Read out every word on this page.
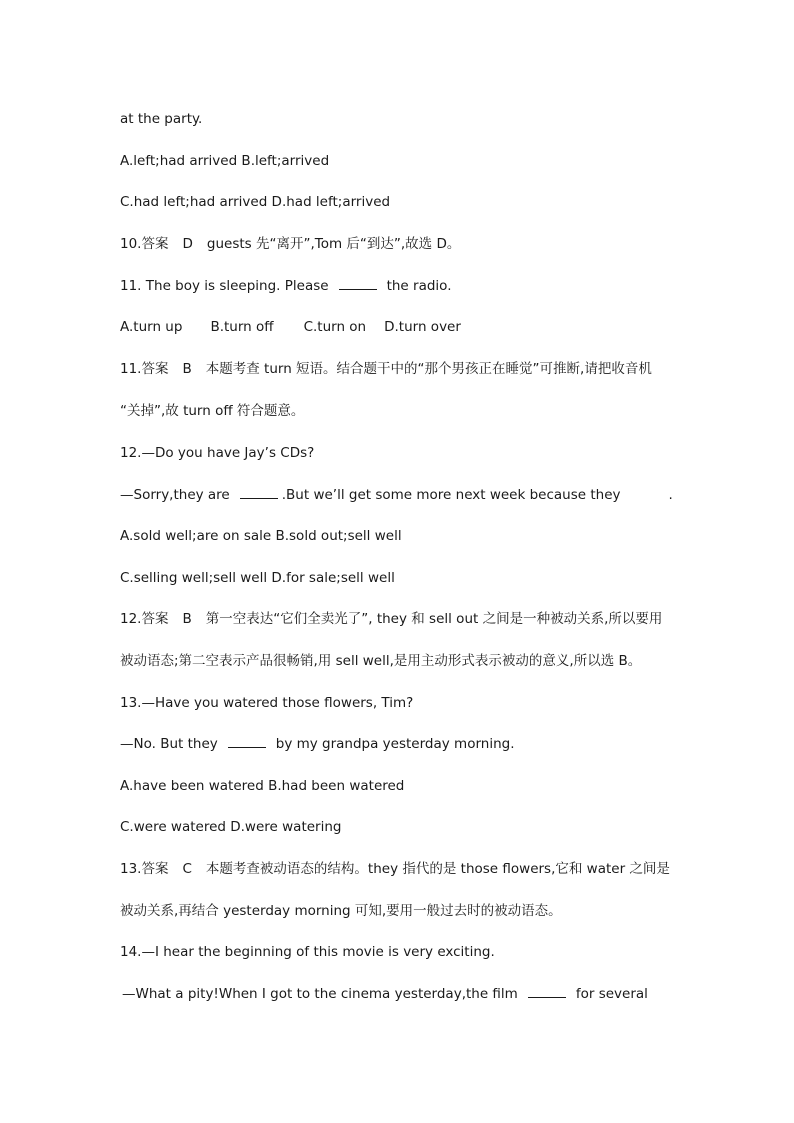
at the party.
A.left;had arrived B.left;arrived
C.had left;had arrived D.had left;arrived
10.答案 D guests 先“离开”,Tom 后“到达”,故选 D。
11. The boy is sleeping. Please	the radio.
A.turn up B.turn off C.turn on D.turn over
11.答案 B 本题考查 turn 短语。结合题干中的“那个男孩正在睡觉”可推断,请把收音机
“关掉”,故 turn off 符合题意。
12.—Do you have Jay’s CDs?
—Sorry,they are	.But we’ll get some more next week because they	.
A.sold well;are on sale B.sold out;sell well
C.selling well;sell well D.for sale;sell well
12.答案 B 第一空表达“它们全卖光了”, they 和 sell out 之间是一种被动关系,所以要用
被动语态;第二空表示产品很畅销,用 sell well,是用主动形式表示被动的意义,所以选 B。
13.—Have you watered those flowers, Tim?
—No. But they	by my grandpa yesterday morning.
A.have been watered B.had been watered
C.were watered D.were watering
13.答案 C 本题考查被动语态的结构。they 指代的是 those flowers,它和 water 之间是
被动关系,再结合 yesterday morning 可知,要用一般过去时的被动语态。
14.—I hear the beginning of this movie is very exciting.
—What a pity!When I got to the cinema yesterday,the film	for several
